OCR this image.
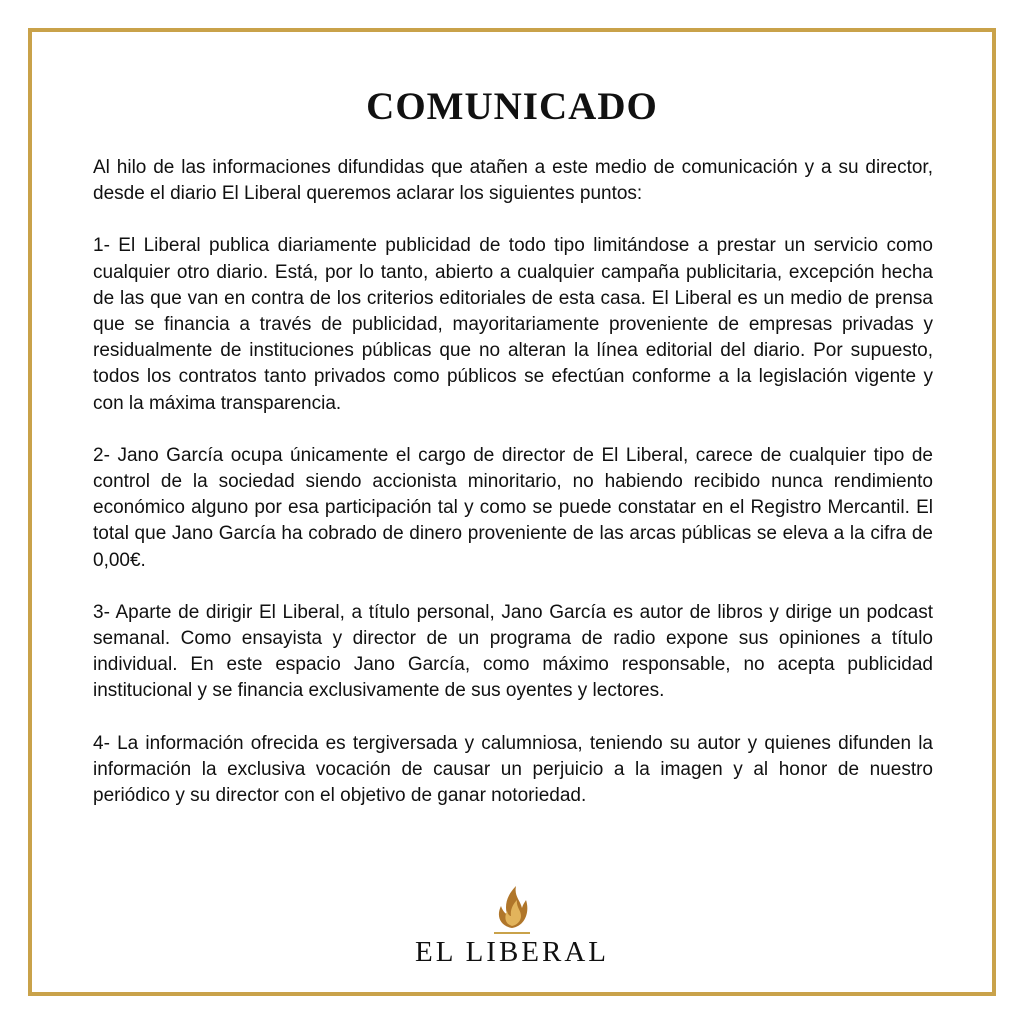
COMUNICADO

Al hilo de las informaciones difundidas que atañen a este medio de comunicación y a su director, desde el diario El Liberal queremos aclarar los siguientes puntos:

1- El Liberal publica diariamente publicidad de todo tipo limitándose a prestar un servicio como cualquier otro diario. Está, por lo tanto, abierto a cualquier campaña publicitaria, excepción hecha de las que van en contra de los criterios editoriales de esta casa. El Liberal es un medio de prensa que se financia a través de publicidad, mayoritariamente proveniente de empresas privadas y residualmente de instituciones públicas que no alteran la línea editorial del diario. Por supuesto, todos los contratos tanto privados como públicos se efectúan conforme a la legislación vigente y con la máxima transparencia.

2- Jano García ocupa únicamente el cargo de director de El Liberal, carece de cualquier tipo de control de la sociedad siendo accionista minoritario, no habiendo recibido nunca rendimiento económico alguno por esa participación tal y como se puede constatar en el Registro Mercantil. El total que Jano García ha cobrado de dinero proveniente de las arcas públicas se eleva a la cifra de 0,00€.

3- Aparte de dirigir El Liberal, a título personal, Jano García es autor de libros y dirige un podcast semanal. Como ensayista y director de un programa de radio expone sus opiniones a título individual. En este espacio Jano García, como máximo responsable, no acepta publicidad institucional y se financia exclusivamente de sus oyentes y lectores.

4- La información ofrecida es tergiversada y calumniosa, teniendo su autor y quienes difunden la información la exclusiva vocación de causar un perjuicio a la imagen y al honor de nuestro periódico y su director con el objetivo de ganar notoriedad.

EL LIBERAL
